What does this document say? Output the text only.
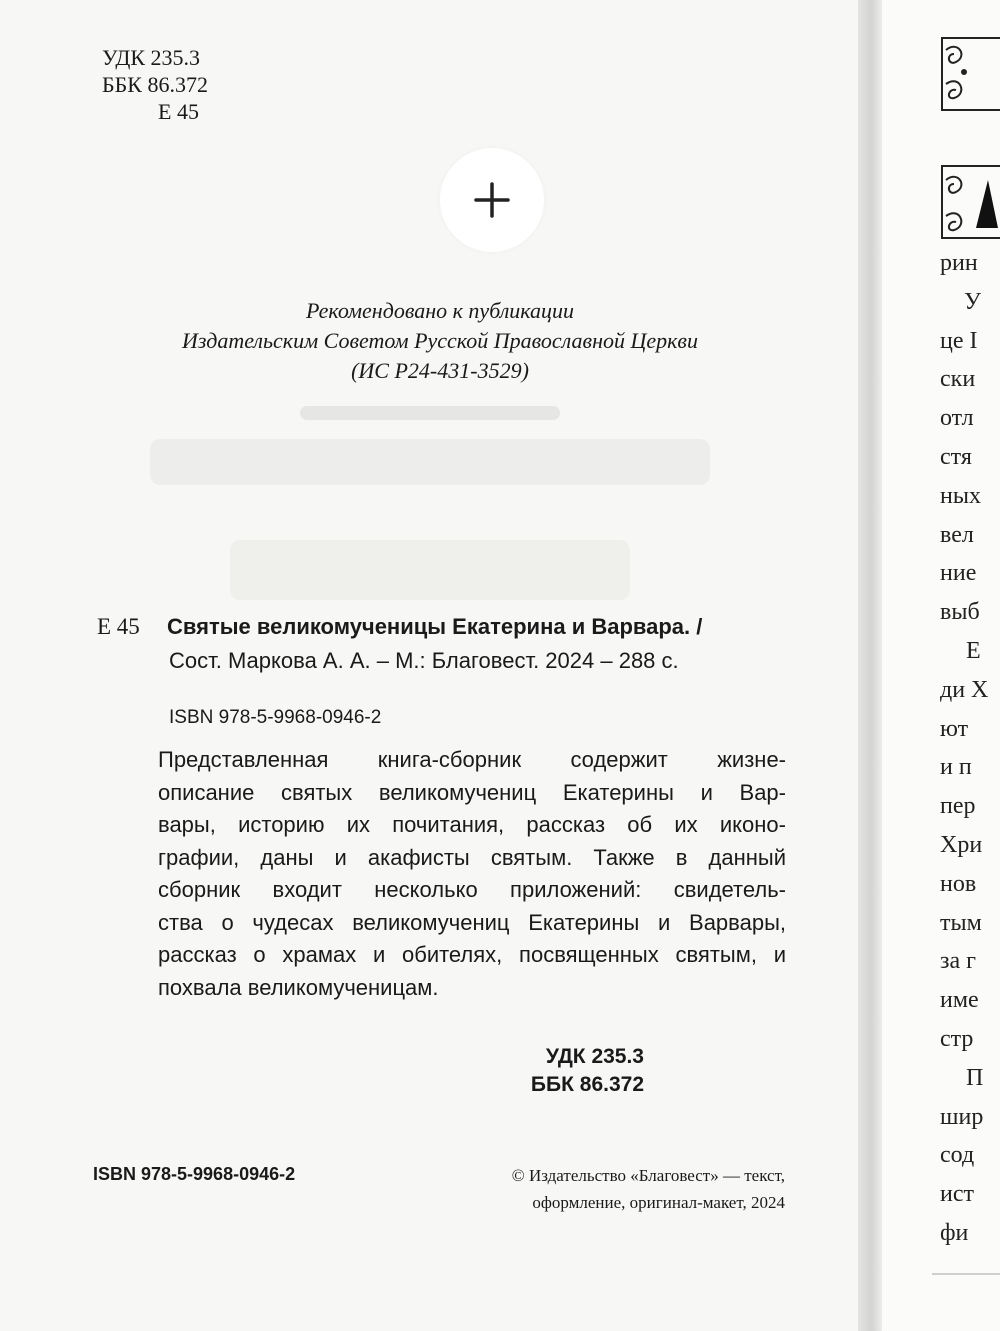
УДК 235.3
ББК 86.372
Е 45
Рекомендовано к публикации
Издательским Советом Русской Православной Церкви
(ИС Р24-431-3529)
Е 45 Святые великомученицы Екатерина и Варвара. /
Сост. Маркова А. А. – М.: Благовест. 2024 – 288 с.
ISBN 978-5-9968-0946-2
Представленная книга-сборник содержит жизне-
описание святых великомучениц Екатерины и Вар-
вары, историю их почитания, рассказ об их иконо-
графии, даны и акафисты святым. Также в данный
сборник входит несколько приложений: свидетель-
ства о чудесах великомучениц Екатерины и Варвары,
рассказ о храмах и обителях, посвященных святым, и
похвала великомученицам.
УДК 235.3
ББК 86.372
ISBN 978-5-9968-0946-2	© Издательство «Благовест» — текст,
оформление, оригинал-макет, 2024
рин
У
це I
ски
отл
стя
ных
вел
ние
выб
Е
ди Х
ют
и п
пер
Хри
нов
тым
за г
име
стр
П
шир
сод
ист
фи
